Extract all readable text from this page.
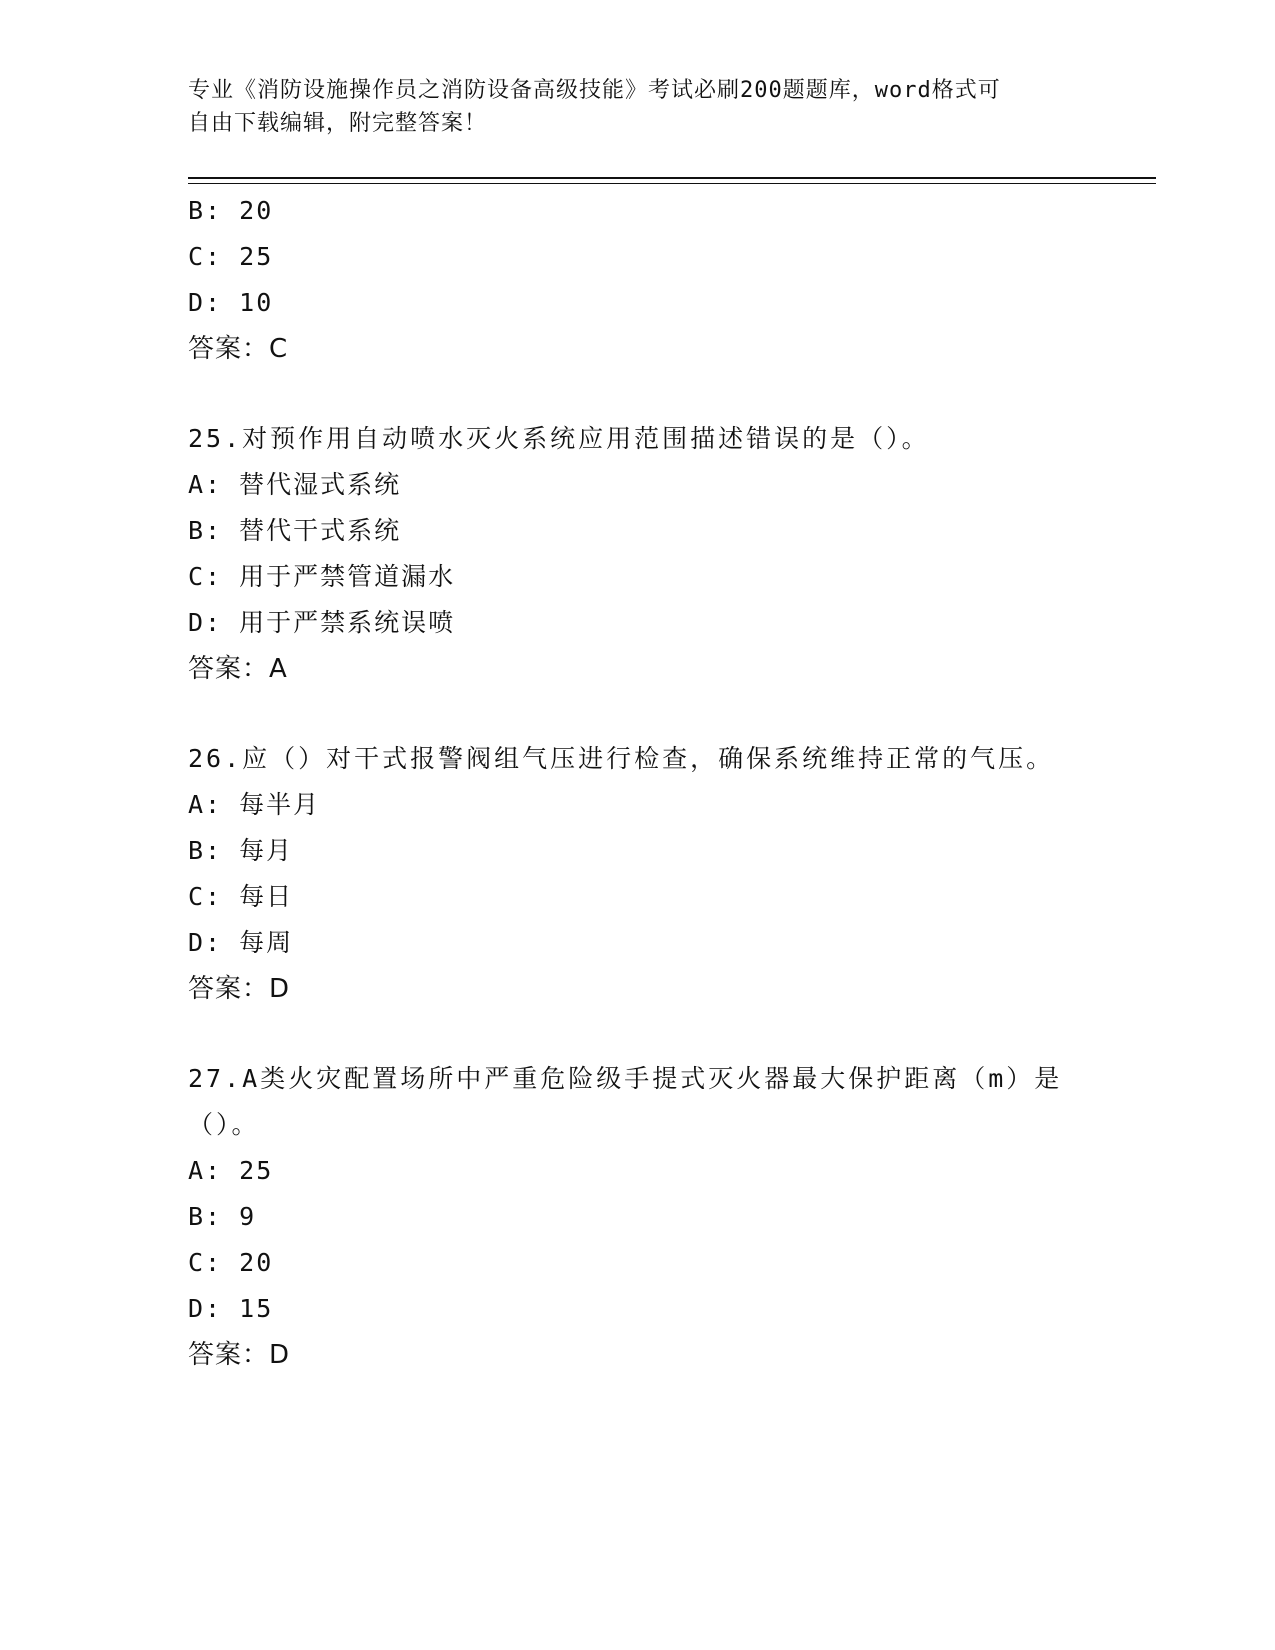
专业《消防设施操作员之消防设备高级技能》考试必刷200题题库，word格式可
自由下载编辑，附完整答案！
B: 20
C: 25
D: 10
答案：C
25.对预作用自动喷水灭火系统应用范围描述错误的是（）。
A: 替代湿式系统
B: 替代干式系统
C: 用于严禁管道漏水
D: 用于严禁系统误喷
答案：A
26.应（）对干式报警阀组气压进行检查，确保系统维持正常的气压。
A: 每半月
B: 每月
C: 每日
D: 每周
答案：D
27.A类火灾配置场所中严重危险级手提式灭火器最大保护距离（m）是
（）。
A: 25
B: 9
C: 20
D: 15
答案：D
